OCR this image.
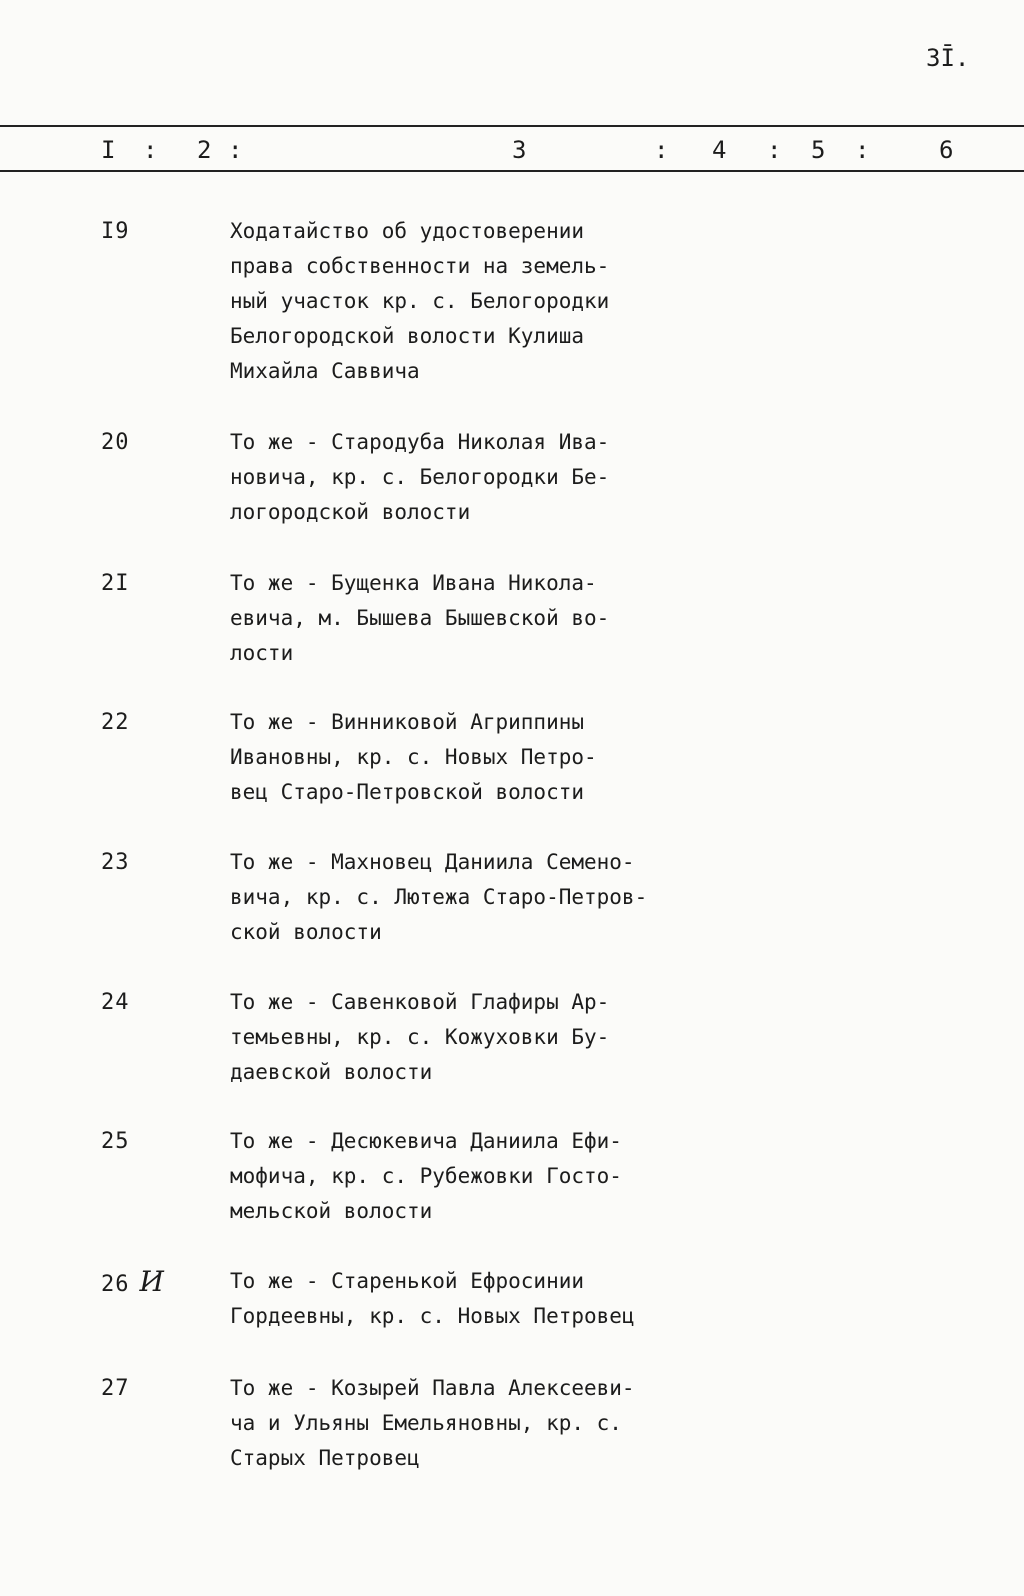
3Ī.
I : 2 :	3	: 4 : 5 :	6
I9	Ходатайство об удостоверении
права собственности на земель-
ный участок кр. с. Белогородки
Белогородской волости Кулиша
Михайла Саввича
20	То же - Стародуба Николая Ива-
новича, кр. с. Белогородки Бе-
логородской волости
2I	То же - Бущенка Ивана Никола-
евича, м. Бышева Бышевской во-
лости
22	То же - Винниковой Агриппины
Ивановны, кр. с. Новых Петро-
вец Старо-Петровской волости
23	То же - Махновец Даниила Семено-
вича, кр. с. Лютежа Старо-Петров-
ской волости
24	То же - Савенковой Глафиры Ар-
темьевны, кр. с. Кожуховки Бу-
даевской волости
25	То же - Десюкевича Даниила Ефи-
мофича, кр. с. Рубежовки Госто-
мельской волости
26 И	То же - Старенькой Ефросинии
Гордеевны, кр. с. Новых Петровец
27	То же - Козырей Павла Алексееви-
ча и Ульяны Емельяновны, кр. с.
Старых Петровец
